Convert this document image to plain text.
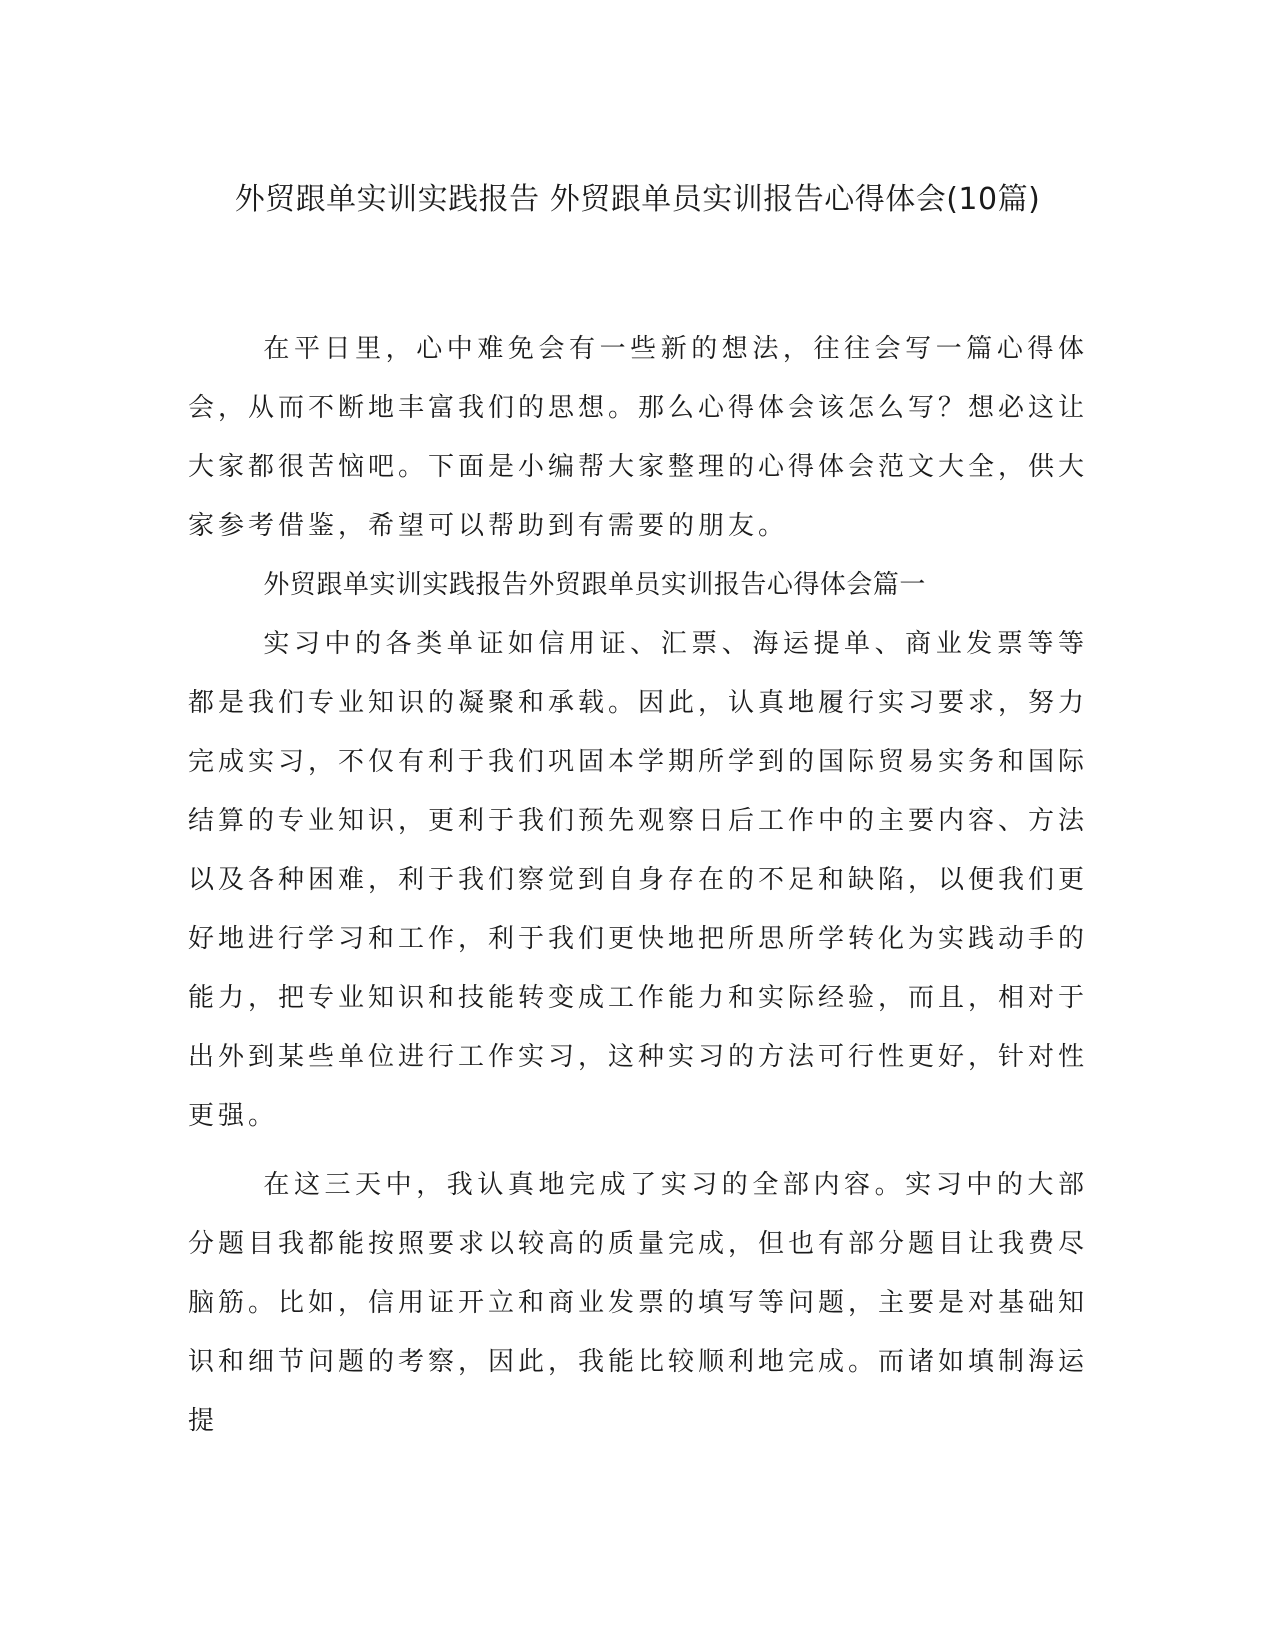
外贸跟单实训实践报告 外贸跟单员实训报告心得体会(10篇)

在平日里，心中难免会有一些新的想法，往往会写一篇心得体会，从而不断地丰富我们的思想。那么心得体会该怎么写？想必这让大家都很苦恼吧。下面是小编帮大家整理的心得体会范文大全，供大家参考借鉴，希望可以帮助到有需要的朋友。

外贸跟单实训实践报告外贸跟单员实训报告心得体会篇一

实习中的各类单证如信用证、汇票、海运提单、商业发票等等都是我们专业知识的凝聚和承载。因此，认真地履行实习要求，努力完成实习，不仅有利于我们巩固本学期所学到的国际贸易实务和国际结算的专业知识，更利于我们预先观察日后工作中的主要内容、方法以及各种困难，利于我们察觉到自身存在的不足和缺陷，以便我们更好地进行学习和工作，利于我们更快地把所思所学转化为实践动手的能力，把专业知识和技能转变成工作能力和实际经验，而且，相对于出外到某些单位进行工作实习，这种实习的方法可行性更好，针对性更强。

在这三天中，我认真地完成了实习的全部内容。实习中的大部分题目我都能按照要求以较高的质量完成，但也有部分题目让我费尽脑筋。比如，信用证开立和商业发票的填写等问题，主要是对基础知识和细节问题的考察，因此，我能比较顺利地完成。而诸如填制海运提
